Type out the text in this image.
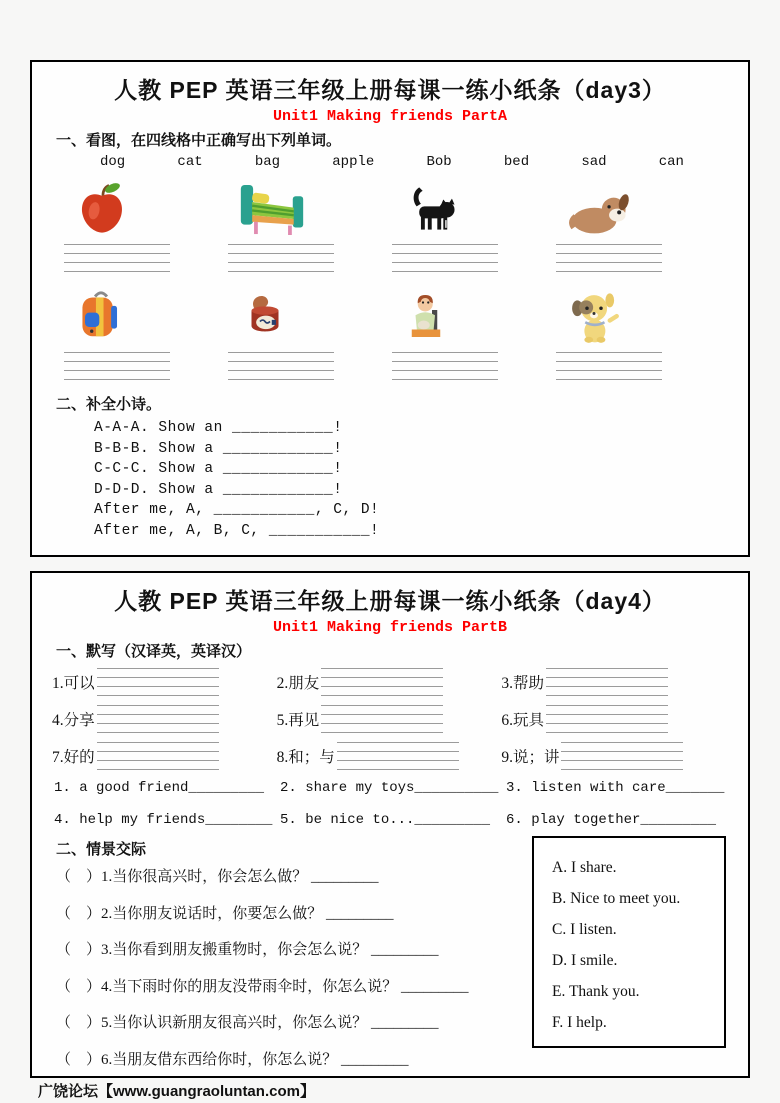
人教 PEP 英语三年级上册每课一练小纸条（day3）
Unit1 Making friends PartA
一、看图，在四线格中正确写出下列单词。
dog	cat	bag	apple	Bob	bed	sad	can
二、补全小诗。
A-A-A. Show an ___________!
B-B-B. Show a ____________!
C-C-C. Show a ____________!
D-D-D. Show a ____________!
After me, A, ___________, C, D!
After me, A, B, C, ___________!
人教 PEP 英语三年级上册每课一练小纸条（day4）
Unit1 Making friends PartB
一、默写（汉译英，英译汉）
1.可以	2.朋友	3.帮助
4.分享	5.再见	6.玩具
7.好的	8.和；与	9.说；讲
1. a good friend_________	2. share my toys__________ 3. listen with care_______
4. help my friends________ 5. be nice to..._________	6. play together_________
二、情景交际
（　）1.当你很高兴时，你会怎么做？ _________
（　）2.当你朋友说话时，你要怎么做？ _________
（　）3.当你看到朋友搬重物时，你会怎么说？ _________
（　）4.当下雨时你的朋友没带雨伞时，你怎么说？ _________
（　）5.当你认识新朋友很高兴时，你怎么说？ _________
（　）6.当朋友借东西给你时，你怎么说？ _________
A. I share.
B. Nice to meet you.
C. I listen.
D. I smile.
E. Thank you.
F. I help.
广饶论坛【www.guangraoluntan.com】
